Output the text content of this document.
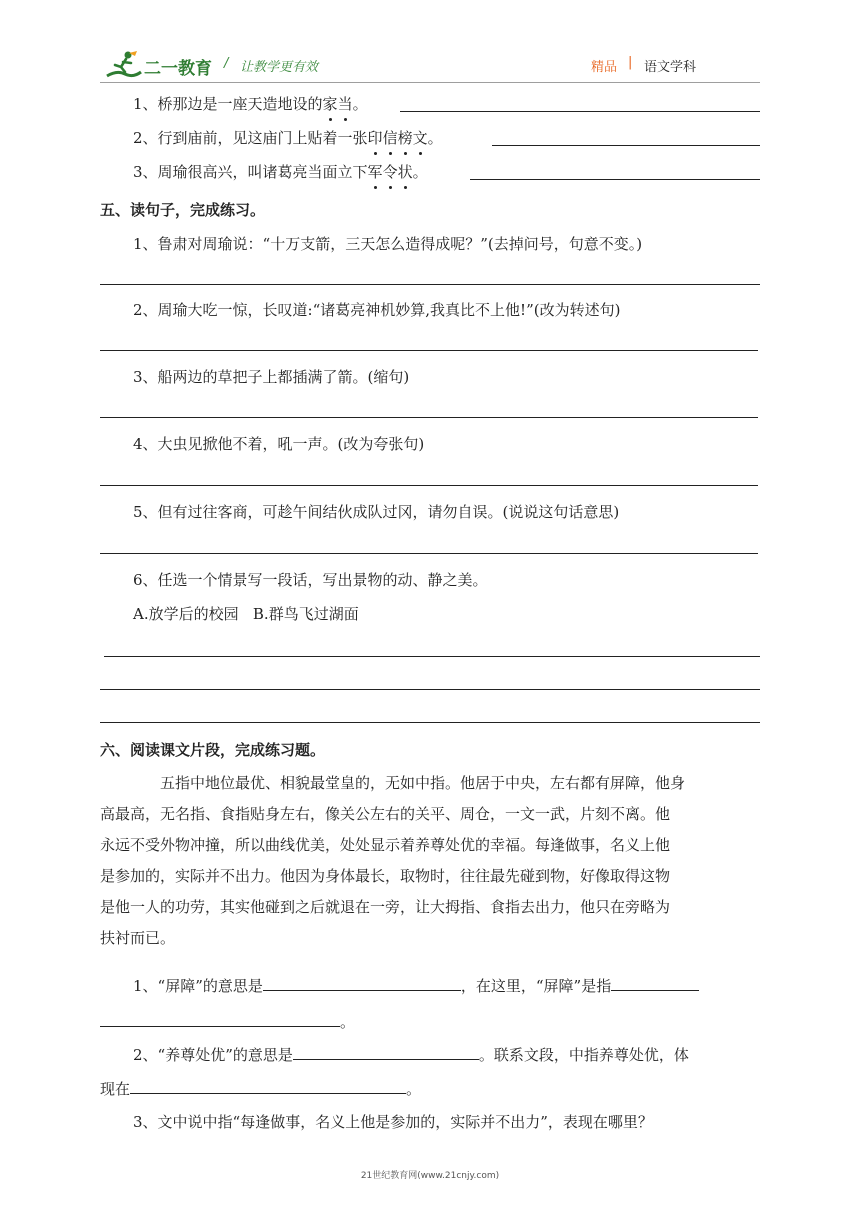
二一教育 / 让教学更有效	精品 | 语文学科
1、桥那边是一座天造地设的家当。
2、行到庙前，见这庙门上贴着一张印信榜文。
3、周瑜很高兴，叫诸葛亮当面立下军令状。
五、读句子，完成练习。
1、鲁肃对周瑜说：“十万支箭，三天怎么造得成呢？”(去掉问号，句意不变。)
2、周瑜大吃一惊，长叹道:“诸葛亮神机妙算,我真比不上他!”(改为转述句)
3、船两边的草把子上都插满了箭。(缩句)
4、大虫见掀他不着，吼一声。(改为夸张句)
5、但有过往客商，可趁午间结伙成队过冈，请勿自误。(说说这句话意思)
6、任选一个情景写一段话，写出景物的动、静之美。
A.放学后的校园   B.群鸟飞过湖面
六、阅读课文片段，完成练习题。
五指中地位最优、相貌最堂皇的，无如中指。他居于中央，左右都有屏障，他身
高最高，无名指、食指贴身左右，像关公左右的关平、周仓，一文一武，片刻不离。他
永远不受外物冲撞，所以曲线优美，处处显示着养尊处优的幸福。每逢做事，名义上他
是参加的，实际并不出力。他因为身体最长，取物时，往往最先碰到物，好像取得这物
是他一人的功劳，其实他碰到之后就退在一旁，让大拇指、食指去出力，他只在旁略为
扶衬而已。
1、“屏障”的意思是	，在这里，“屏障”是指
。
2、“养尊处优”的意思是	。联系文段，中指养尊处优，体
现在	。
3、文中说中指“每逢做事，名义上他是参加的，实际并不出力”，表现在哪里？
21世纪教育网(www.21cnjy.com)
